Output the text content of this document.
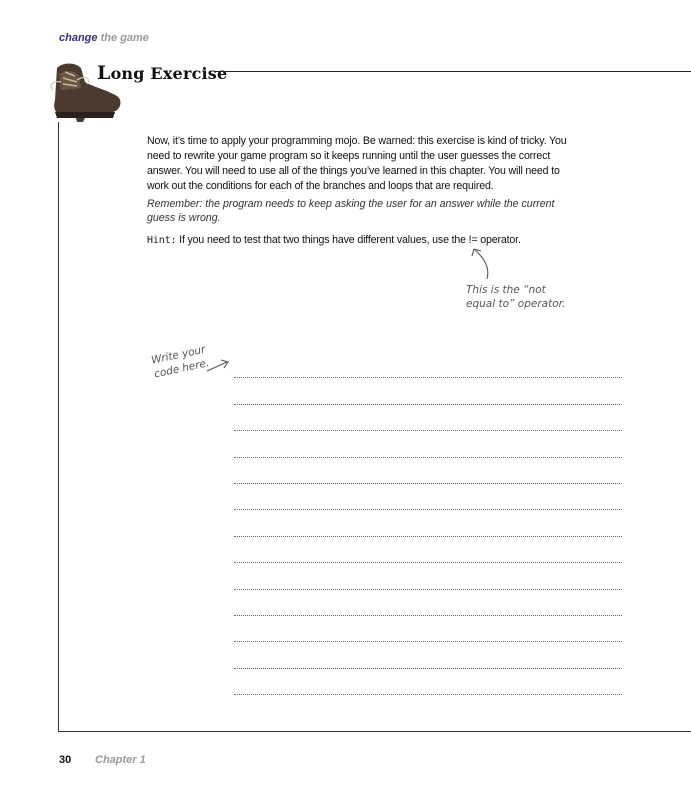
change the game
Long Exercise

Now, it’s time to apply your programming mojo. Be warned: this exercise is kind of tricky. You need to rewrite your game program so it keeps running until the user guesses the correct answer. You will need to use all of the things you’ve learned in this chapter. You will need to work out the conditions for each of the branches and loops that are required.

Remember: the program needs to keep asking the user for an answer while the current guess is wrong.
Hint: If you need to test that two things have different values, use the != operator.
This is the “not equal to” operator.
Write your code here.
30 Chapter 1
